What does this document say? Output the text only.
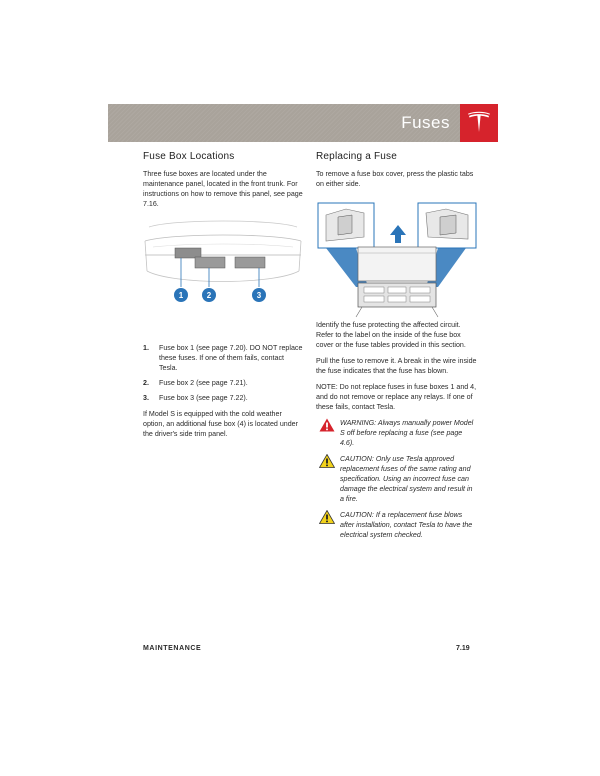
Fuses
Fuse Box Locations

Three fuse boxes are located under the maintenance panel, located in the front trunk. For instructions on how to remove this panel, see page 7.16.

1	2	3
1. Fuse box 1 (see page 7.20). DO NOT replace these fuses. If one of them fails, contact Tesla.
2. Fuse box 2 (see page 7.21).
3. Fuse box 3 (see page 7.22).

If Model S is equipped with the cold weather option, an additional fuse box (4) is located under the driver's side trim panel.

Replacing a Fuse

To remove a fuse box cover, press the plastic tabs on either side.

Identify the fuse protecting the affected circuit. Refer to the label on the inside of the fuse box cover or the fuse tables provided in this section.

Pull the fuse to remove it. A break in the wire inside the fuse indicates that the fuse has blown.

NOTE: Do not replace fuses in fuse boxes 1 and 4, and do not remove or replace any relays. If one of these fails, contact Tesla.

WARNING: Always manually power Model S off before replacing a fuse (see page 4.6).
CAUTION: Only use Tesla approved replacement fuses of the same rating and specification. Using an incorrect fuse can damage the electrical system and result in a fire.
CAUTION: If a replacement fuse blows after installation, contact Tesla to have the electrical system checked.
MAINTENANCE	7.19
